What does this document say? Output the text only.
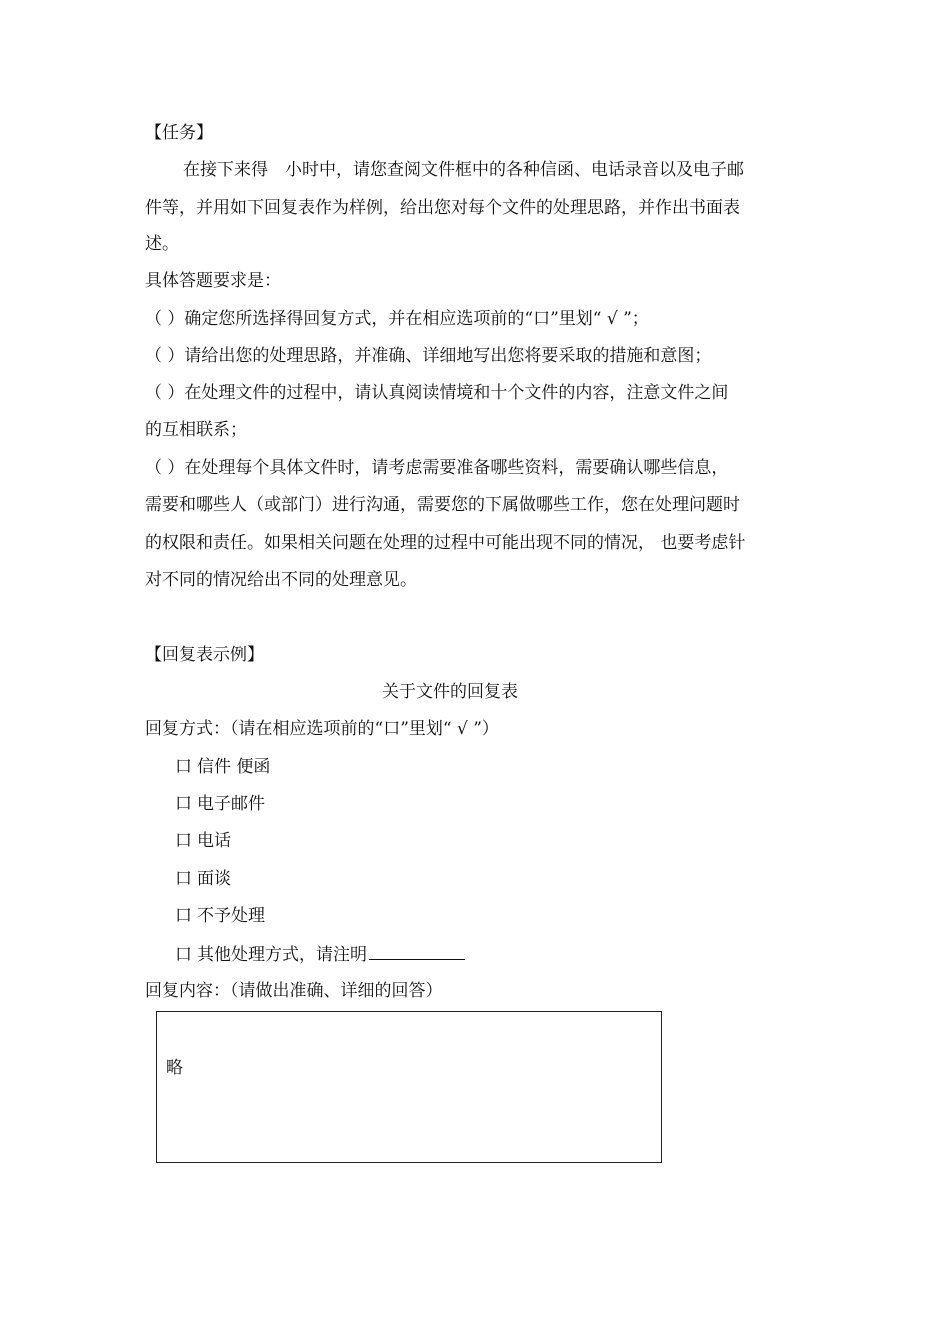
【任务】
在接下来得　小时中，请您查阅文件框中的各种信函、电话录音以及电子邮
件等，并用如下回复表作为样例，给出您对每个文件的处理思路，并作出书面表
述。
具体答题要求是：
（ ）确定您所选择得回复方式，并在相应选项前的“口”里划“ √ ”；
（ ）请给出您的处理思路，并准确、详细地写出您将要采取的措施和意图；
（ ）在处理文件的过程中，请认真阅读情境和十个文件的内容，注意文件之间
的互相联系；
（ ）在处理每个具体文件时，请考虑需要准备哪些资料，需要确认哪些信息，
需要和哪些人（或部门）进行沟通，需要您的下属做哪些工作，您在处理问题时
的权限和责任。如果相关问题在处理的过程中可能出现不同的情况， 也要考虑针
对不同的情况给出不同的处理意见。
【回复表示例】
关于文件的回复表
回复方式：（请在相应选项前的“口”里划“ √ ”）
口 信件 便函
口 电子邮件
口 电话
口 面谈
口 不予处理
口 其他处理方式，请注明
回复内容：（请做出准确、详细的回答）
略
